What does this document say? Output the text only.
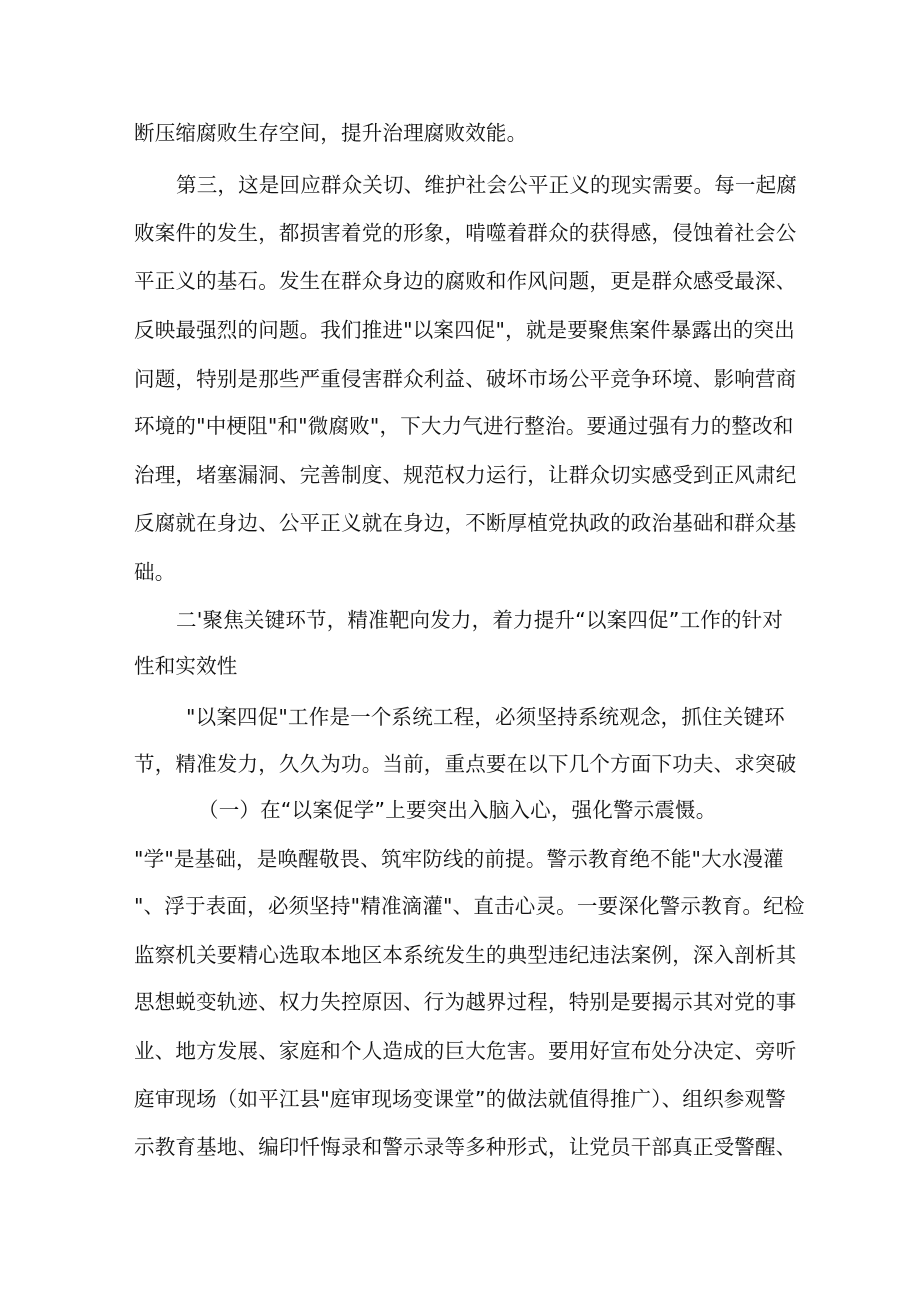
断压缩腐败生存空间，提升治理腐败效能。
第三，这是回应群众关切、维护社会公平正义的现实需要。每一起腐
败案件的发生，都损害着党的形象，啃噬着群众的获得感，侵蚀着社会公
平正义的基石。发生在群众身边的腐败和作风问题，更是群众感受最深、
反映最强烈的问题。我们推进"以案四促"，就是要聚焦案件暴露出的突出
问题，特别是那些严重侵害群众利益、破坏市场公平竞争环境、影响营商
环境的"中梗阻"和"微腐败"，下大力气进行整治。要通过强有力的整改和
治理，堵塞漏洞、完善制度、规范权力运行，让群众切实感受到正风肃纪
反腐就在身边、公平正义就在身边，不断厚植党执政的政治基础和群众基
础。
二'聚焦关键环节，精准靶向发力，着力提升“以案四促”工作的针对
性和实效性
"以案四促"工作是一个系统工程，必须坚持系统观念，抓住关键环
节，精准发力，久久为功。当前，重点要在以下几个方面下功夫、求突破
（一）在“以案促学”上要突出入脑入心，强化警示震慑。
"学"是基础，是唤醒敬畏、筑牢防线的前提。警示教育绝不能"大水漫灌
"、浮于表面，必须坚持"精准滴灌"、直击心灵。一要深化警示教育。纪检
监察机关要精心选取本地区本系统发生的典型违纪违法案例，深入剖析其
思想蜕变轨迹、权力失控原因、行为越界过程，特别是要揭示其对党的事
业、地方发展、家庭和个人造成的巨大危害。要用好宣布处分决定、旁听
庭审现场（如平江县"庭审现场变课堂”的做法就值得推广）、组织参观警
示教育基地、编印忏悔录和警示录等多种形式，让党员干部真正受警醒、
